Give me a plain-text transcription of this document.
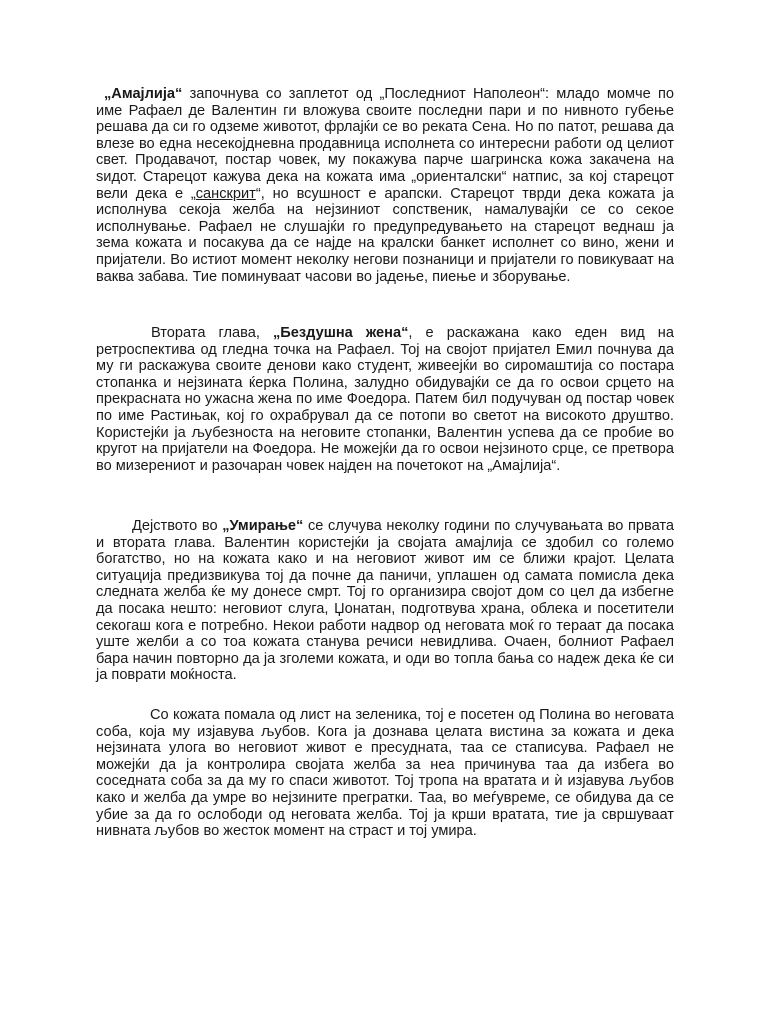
„Амајлија“ започнува со заплетот од „Последниот Наполеон“: младо момче по име Рафаел де Валентин ги вложува своите последни пари и по нивното губење решава да си го одземе животот, фрлајќи се во реката Сена. Но по патот, решава да влезе во една несекојдневна продавница исполнета со интересни работи од целиот свет. Продавачот, постар човек, му покажува парче шагринска кожа закачена на ѕидот. Старецот кажува дека на кожата има „ориенталски“ натпис, за кој старецот вели дека е „санскрит“, но всушност е арапски. Старецот тврди дека кожата ја исполнува секоја желба на нејзиниот сопственик, намалувајќи се со секое исполнување. Рафаел не слушајќи го предупредувањето на старецот веднаш ја зема кожата и посакува да се најде на кралски банкет исполнет со вино, жени и пријатели. Во истиот момент неколку негови познаници и пријатели го повикуваат на ваква забава. Тие поминуваат часови во јадење, пиење и зборување.

Втората глава, „Бездушна жена“, е раскажана како еден вид на ретроспектива од гледна точка на Рафаел. Тој на својот пријател Емил почнува да му ги раскажува своите денови како студент, живеејќи во сиромаштија со постара стопанка и нејзината ќерка Полина, залудно обидувајќи се да го освои срцето на прекрасната но ужасна жена по име Фоедора. Патем бил подучуван од постар човек по име Растињак, кој го охрабрувал да се потопи во светот на високото друштво. Користејќи ја љубезноста на неговите стопанки, Валентин успева да се пробие во кругот на пријатели на Фоедора. Не можејќи да го освои нејзиното срце, се претвора во мизерениот и разочаран човек најден на почетокот на „Амајлија“.

Дејството во „Умирање“ се случува неколку години по случувањата во првата и втората глава. Валентин користејќи ја својата амајлија се здобил со големо богатство, но на кожата како и на неговиот живот им се ближи крајот. Целата ситуација предизвикува тој да почне да паничи, уплашен од самата помисла дека следната желба ќе му донесе смрт. Тој го организира својот дом со цел да избегне да посака нешто: неговиот слуга, Џонатан, подготвува храна, облека и посетители секогаш кога е потребно. Некои работи надвор од неговата моќ го тераат да посака уште желби а со тоа кожата станува речиси невидлива. Очаен, болниот Рафаел бара начин повторно да ја зголеми кожата, и оди во топла бања со надеж дека ќе си ја поврати моќноста.

Со кожата помала од лист на зеленика, тој е посетен од Полина во неговата соба, која му изјавува љубов. Кога ја дознава целата вистина за кожата и дека нејзината улога во неговиот живот е пресудната, таа се стаписува. Рафаел не можејќи да ја контролира својата желба за неа причинува таа да избега во соседната соба за да му го спаси животот. Тој тропа на вратата и ѝ изјавува љубов како и желба да умре во нејзините прегратки. Таа, во меѓувреме, се обидува да се убие за да го ослободи од неговата желба. Тој ја крши вратата, тие ја свршуваат нивната љубов во жесток момент на страст и тој умира.
